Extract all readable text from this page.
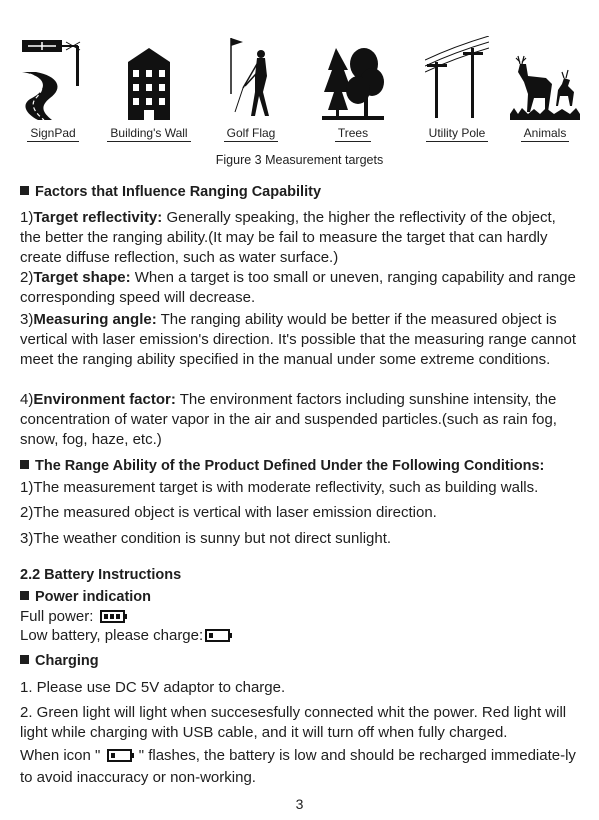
SignPad	Building's Wall	Golf Flag	Trees	Utility Pole	Animals
Figure 3 Measurement targets
Factors that Influence Ranging Capability
1)Target reflectivity: Generally speaking, the higher the reflectivity of the object, the better the ranging ability.(It may be fail to measure the target that can hardly create diffuse reflection, such as water surface.)
2)Target shape: When a target is too small or uneven, ranging capability and range corresponding speed will decrease.
3)Measuring angle: The ranging ability would be better if the measured object is vertical with laser emission's direction. It's possible that the measuring range cannot meet the ranging ability specified in the manual under some extreme conditions.
4)Environment factor: The environment factors including sunshine intensity, the concentration of water vapor in the air and suspended particles.(such as rain fog, snow, fog, haze, etc.)
The Range Ability of the Product Defined Under the Following Conditions:
1)The measurement target is with moderate reflectivity, such as building walls.
2)The measured object is vertical with laser emission direction.
3)The weather condition is sunny but not direct sunlight.
2.2 Battery Instructions
Power indication
Full power:
Low battery, please charge:
Charging
1. Please use DC 5V adaptor to charge.
2. Green light will light when succesesfully connected whit the power. Red light will light while charging with USB cable, and it will turn off when fully charged.
When icon "  " flashes, the battery is low and should be recharged immediate-ly to avoid inaccuracy or non-working.
3
